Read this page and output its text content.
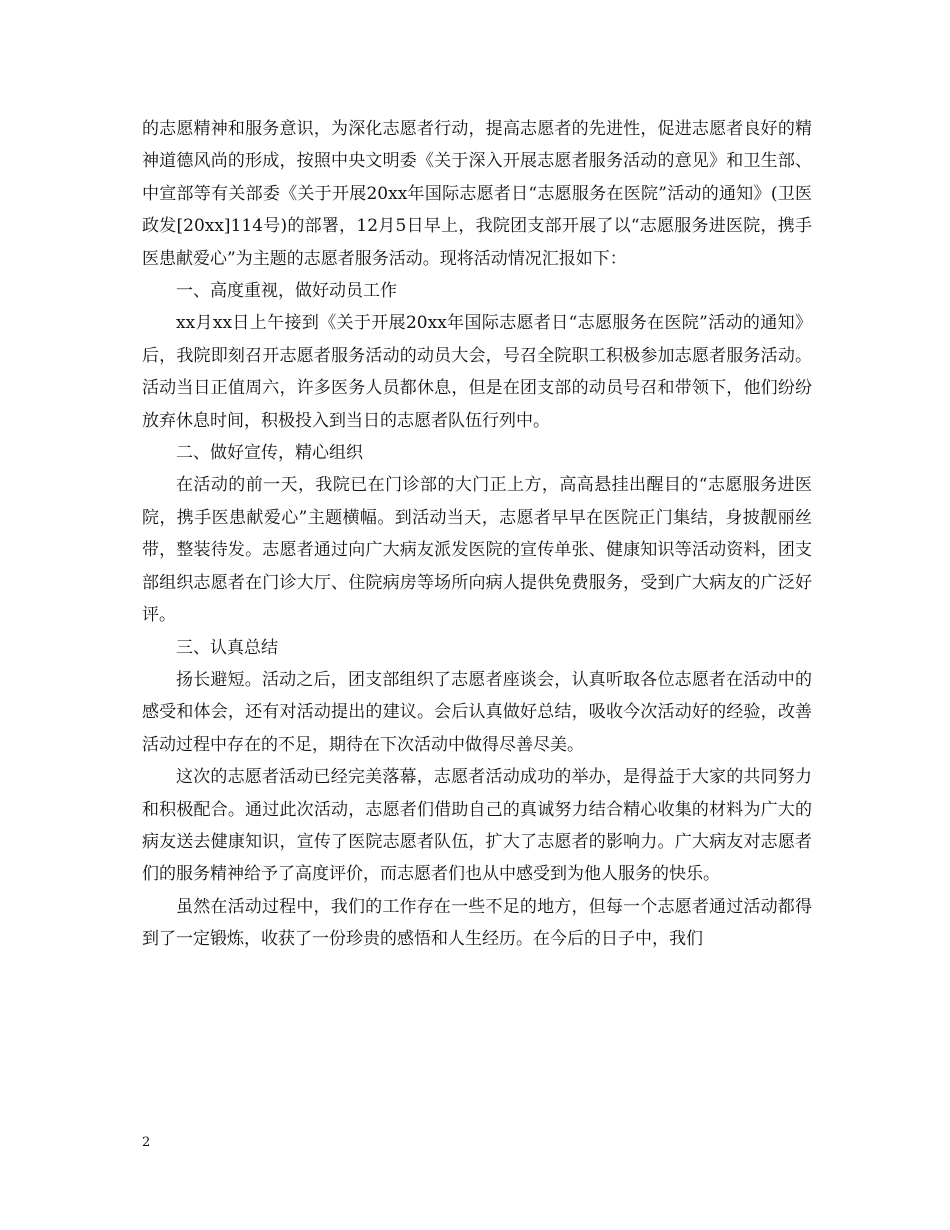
的志愿精神和服务意识，为深化志愿者行动，提高志愿者的先进性，促进志愿者良好的精神道德风尚的形成，按照中央文明委《关于深入开展志愿者服务活动的意见》和卫生部、中宣部等有关部委《关于开展20xx年国际志愿者日“志愿服务在医院”活动的通知》(卫医政发[20xx]114号)的部署，12月5日早上，我院团支部开展了以“志愿服务进医院，携手医患献爱心”为主题的志愿者服务活动。现将活动情况汇报如下：

一、高度重视，做好动员工作

xx月xx日上午接到《关于开展20xx年国际志愿者日“志愿服务在医院”活动的通知》后，我院即刻召开志愿者服务活动的动员大会，号召全院职工积极参加志愿者服务活动。活动当日正值周六，许多医务人员都休息，但是在团支部的动员号召和带领下，他们纷纷放弃休息时间，积极投入到当日的志愿者队伍行列中。

二、做好宣传，精心组织

在活动的前一天，我院已在门诊部的大门正上方，高高悬挂出醒目的“志愿服务进医院，携手医患献爱心”主题横幅。到活动当天，志愿者早早在医院正门集结，身披靓丽丝带，整装待发。志愿者通过向广大病友派发医院的宣传单张、健康知识等活动资料，团支部组织志愿者在门诊大厅、住院病房等场所向病人提供免费服务，受到广大病友的广泛好评。

三、认真总结

扬长避短。活动之后，团支部组织了志愿者座谈会，认真听取各位志愿者在活动中的感受和体会，还有对活动提出的建议。会后认真做好总结，吸收今次活动好的经验，改善活动过程中存在的不足，期待在下次活动中做得尽善尽美。

这次的志愿者活动已经完美落幕，志愿者活动成功的举办，是得益于大家的共同努力和积极配合。通过此次活动，志愿者们借助自己的真诚努力结合精心收集的材料为广大的病友送去健康知识，宣传了医院志愿者队伍，扩大了志愿者的影响力。广大病友对志愿者们的服务精神给予了高度评价，而志愿者们也从中感受到为他人服务的快乐。

虽然在活动过程中，我们的工作存在一些不足的地方，但每一个志愿者通过活动都得到了一定锻炼，收获了一份珍贵的感悟和人生经历。在今后的日子中，我们

2
